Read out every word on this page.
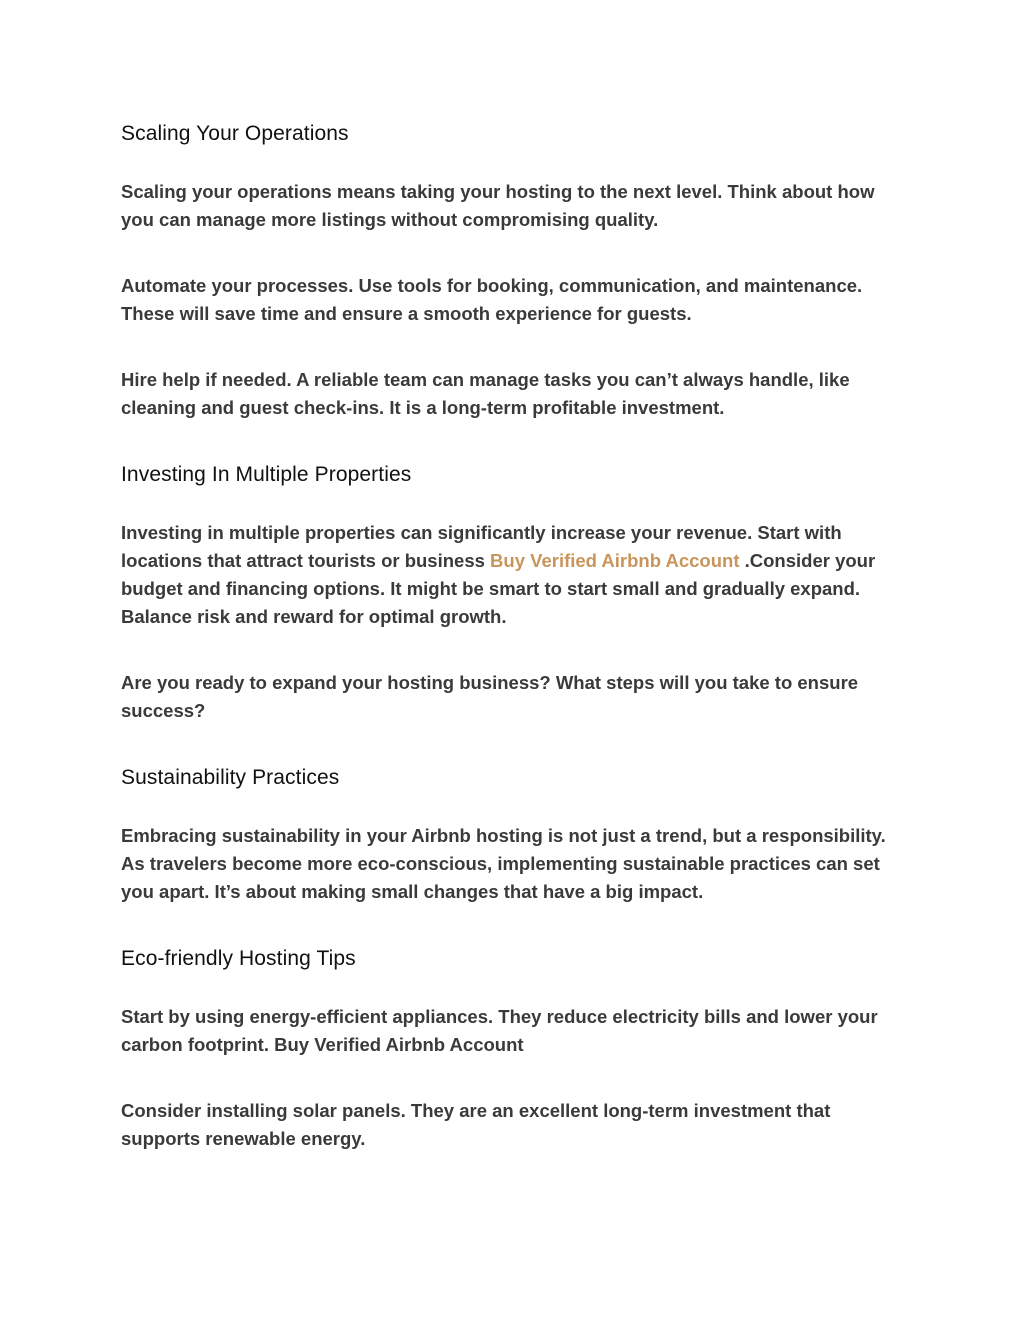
Scaling Your Operations

Scaling your operations means taking your hosting to the next level. Think about how you can manage more listings without compromising quality.

Automate your processes. Use tools for booking, communication, and maintenance. These will save time and ensure a smooth experience for guests.

Hire help if needed. A reliable team can manage tasks you can’t always handle, like cleaning and guest check-ins. It is a long-term profitable investment.

Investing In Multiple Properties

Investing in multiple properties can significantly increase your revenue. Start with locations that attract tourists or business Buy Verified Airbnb Account .Consider your budget and financing options. It might be smart to start small and gradually expand. Balance risk and reward for optimal growth.

Are you ready to expand your hosting business? What steps will you take to ensure success?

Sustainability Practices

Embracing sustainability in your Airbnb hosting is not just a trend, but a responsibility. As travelers become more eco-conscious, implementing sustainable practices can set you apart. It’s about making small changes that have a big impact.

Eco-friendly Hosting Tips

Start by using energy-efficient appliances. They reduce electricity bills and lower your carbon footprint. Buy Verified Airbnb Account

Consider installing solar panels. They are an excellent long-term investment that supports renewable energy.
